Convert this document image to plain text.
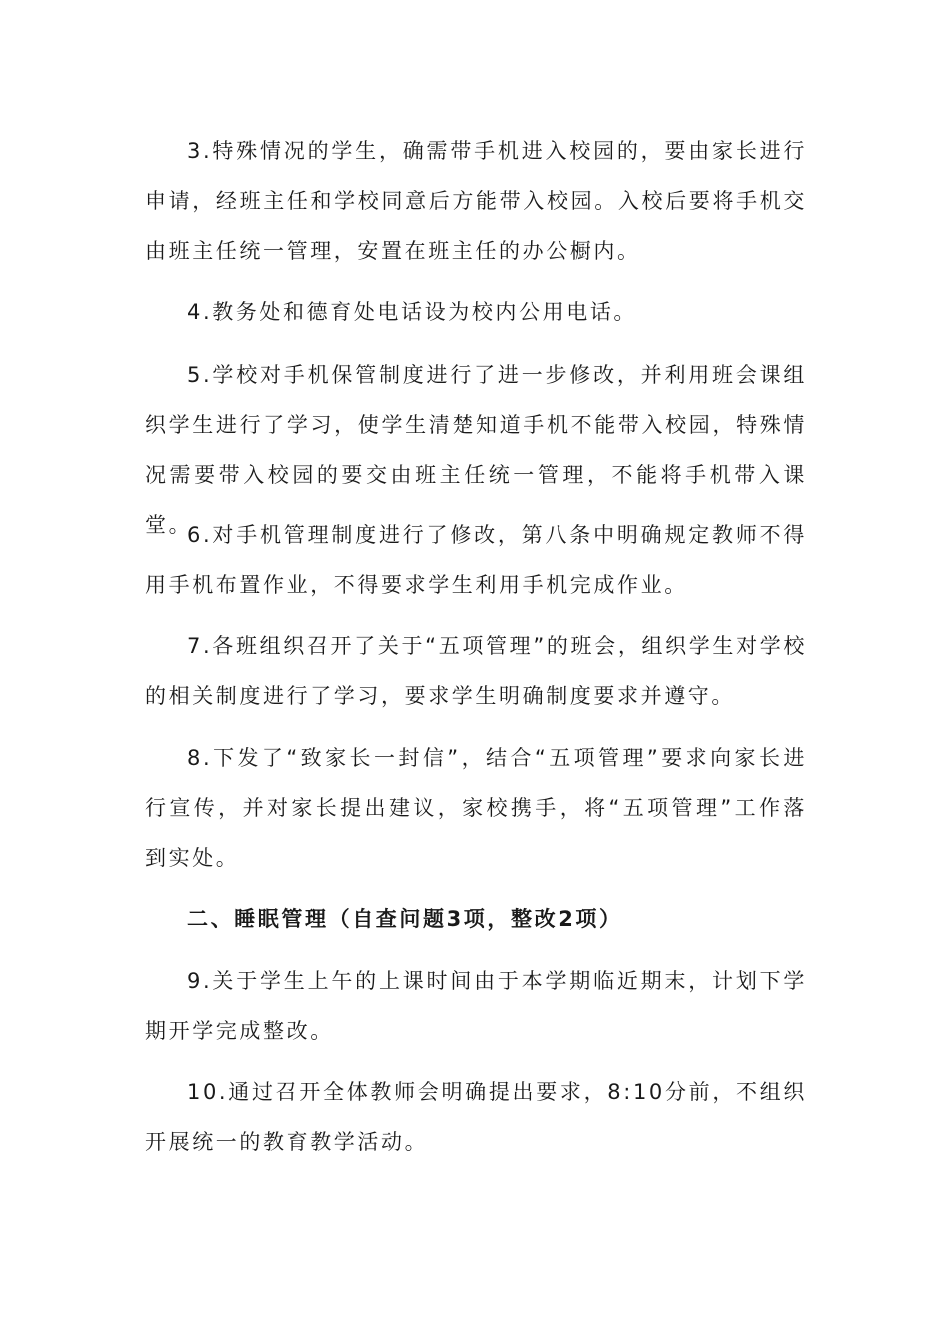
3.特殊情况的学生，确需带手机进入校园的，要由家长进行申请，经班主任和学校同意后方能带入校园。入校后要将手机交由班主任统一管理，安置在班主任的办公橱内。

4.教务处和德育处电话设为校内公用电话。

5.学校对手机保管制度进行了进一步修改，并利用班会课组织学生进行了学习，使学生清楚知道手机不能带入校园，特殊情况需要带入校园的要交由班主任统一管理，不能将手机带入课堂。

6.对手机管理制度进行了修改，第八条中明确规定教师不得用手机布置作业，不得要求学生利用手机完成作业。

7.各班组织召开了关于“五项管理”的班会，组织学生对学校的相关制度进行了学习，要求学生明确制度要求并遵守。

8.下发了“致家长一封信”，结合“五项管理”要求向家长进行宣传，并对家长提出建议，家校携手，将“五项管理”工作落到实处。

二、睡眠管理（自查问题3项，整改2项）

9.关于学生上午的上课时间由于本学期临近期末，计划下学期开学完成整改。

10.通过召开全体教师会明确提出要求，8:10分前，不组织开展统一的教育教学活动。
